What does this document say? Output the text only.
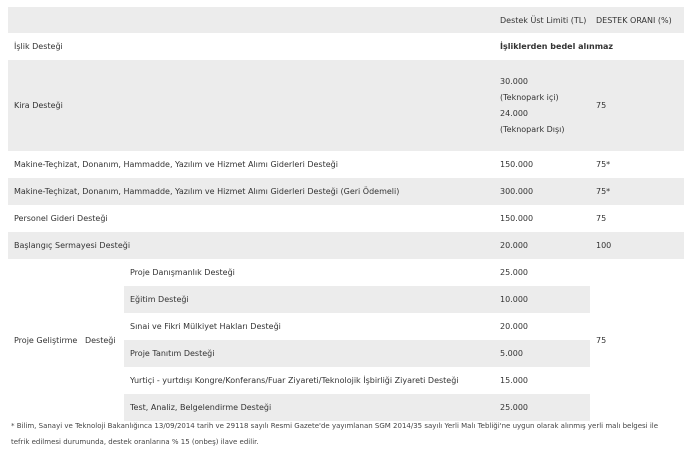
		Destek Üst Limiti (TL)	DESTEK ORANI (%)
İşlik Desteği		İşliklerden bedel alınmaz	
Kira Desteği		30.000
(Teknopark içi)
24.000
(Teknopark Dışı)	75
Makine-Teçhizat, Donanım, Hammadde, Yazılım ve Hizmet Alımı Giderleri Desteği		150.000	75*
Makine-Teçhizat, Donanım, Hammadde, Yazılım ve Hizmet Alımı Giderleri Desteği (Geri Ödemeli)		300.000	75*
Personel Gideri Desteği		150.000	75
Başlangıç Sermayesi Desteği		20.000	100
Proje Geliştirme   Desteği	Proje Danışmanlık Desteği	25.000	75
	Eğitim Desteği	10.000	
	Sınai ve Fikri Mülkiyet Hakları Desteği	20.000	
	Proje Tanıtım Desteği	5.000	
	Yurtiçi - yurtdışı Kongre/Konferans/Fuar Ziyareti/Teknolojik İşbirliği Ziyareti Desteği	15.000	
	Test, Analiz, Belgelendirme Desteği	25.000	
* Bilim, Sanayi ve Teknoloji Bakanlığınca 13/09/2014 tarih ve 29118 sayılı Resmi Gazete'de yayımlanan SGM 2014/35 sayılı Yerli Malı Tebliği'ne uygun olarak alınmış yerli malı belgesi ile tefrik edilmesi durumunda, destek oranlarına % 15 (onbeş) ilave edilir.
